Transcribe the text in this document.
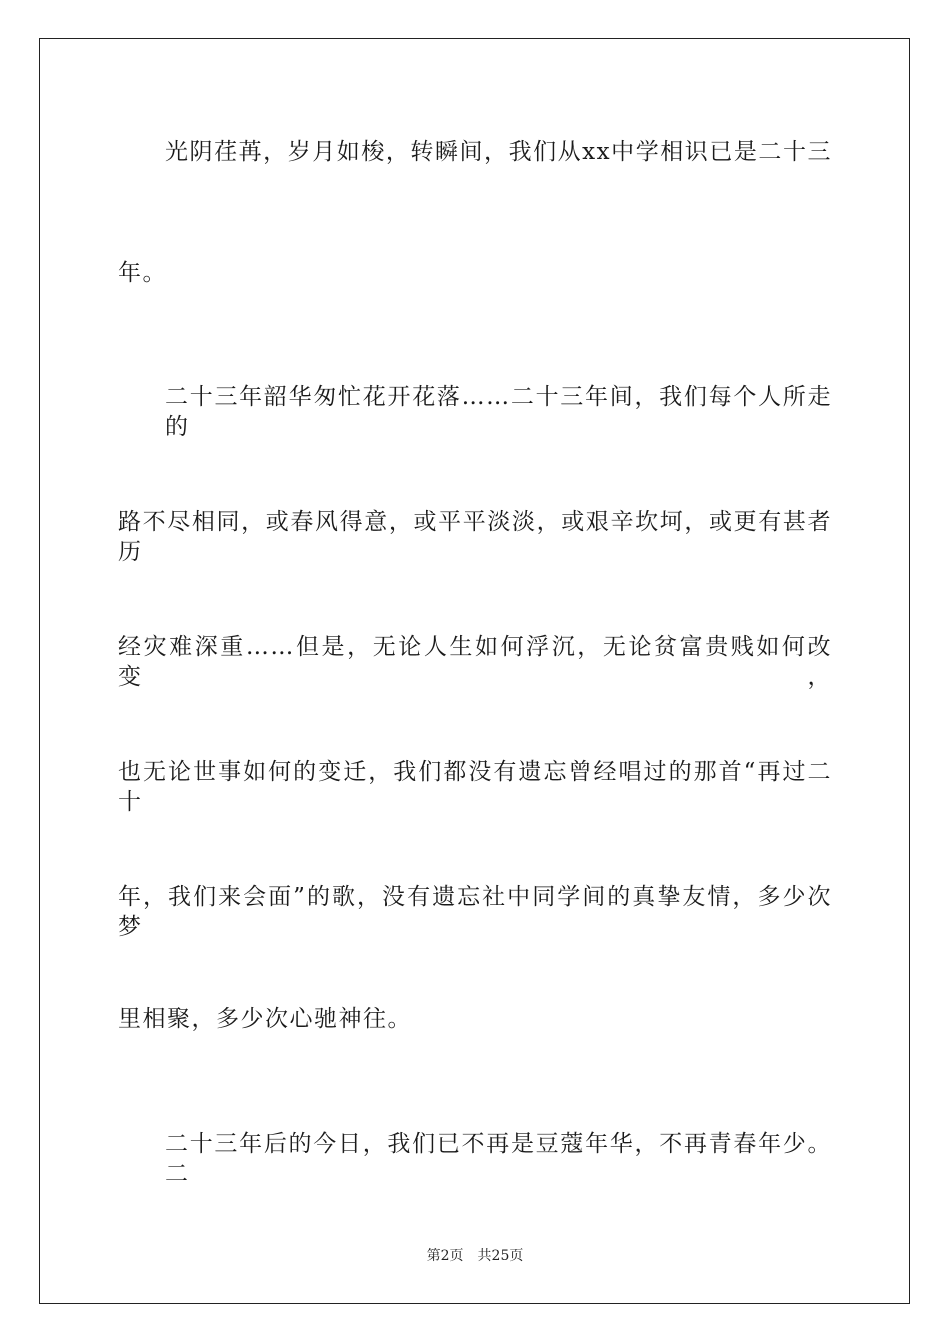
光阴荏苒，岁月如梭，转瞬间，我们从xx中学相识已是二十三
年。
二十三年韶华匆忙花开花落……二十三年间，我们每个人所走的
路不尽相同，或春风得意，或平平淡淡，或艰辛坎坷，或更有甚者历
经灾难深重……但是，无论人生如何浮沉，无论贫富贵贱如何改变，
也无论世事如何的变迁，我们都没有遗忘曾经唱过的那首“再过二十
年，我们来会面”的歌，没有遗忘社中同学间的真挚友情，多少次梦
里相聚，多少次心驰神往。
二十三年后的今日，我们已不再是豆蔻年华，不再青春年少。二
第2页 共25页
